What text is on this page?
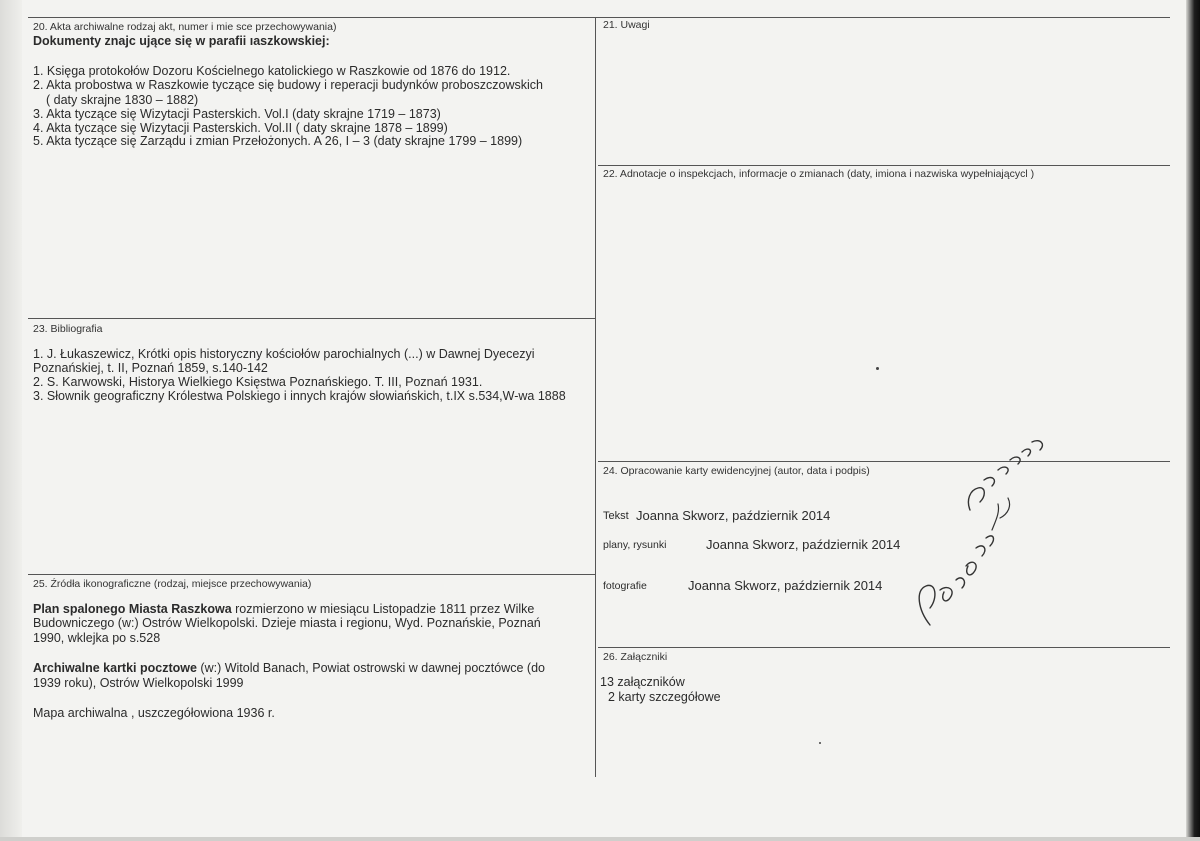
20. Akta archiwalne rodzaj akt, numer i mie sce przechowywania)
Dokumenty znajc ujące się w parafii ıaszkowskiej:
1. Księga protokołów Dozoru Kościelnego katolickiego w Raszkowie od 1876 do 1912.
2. Akta probostwa w Raszkowie tyczące się budowy i reperacji budynków proboszczowskich
( daty skrajne 1830 – 1882)
3. Akta tyczące się Wizytacji Pasterskich. Vol.I (daty skrajne 1719 – 1873)
4. Akta tyczące się Wizytacji Pasterskich. Vol.II ( daty skrajne 1878 – 1899)
5. Akta tyczące się Zarządu i zmian Przełożonych. A 26, I – 3 (daty skrajne 1799 – 1899)
21. Uwagi
22. Adnotacje o inspekcjach, informacje o zmianach (daty, imiona i nazwiska wypełniającycl )
23. Bibliografia
1. J. Łukaszewicz, Krótki opis historyczny kościołów parochialnych (...) w Dawnej Dyecezyi
Poznańskiej, t. II, Poznań 1859, s.140-142
2. S. Karwowski, Historya Wielkiego Księstwa Poznańskiego. T. III, Poznań 1931.
3. Słownik geograficzny Królestwa Polskiego i innych krajów słowiańskich, t.IX s.534,W-wa 1888
24. Opracowanie karty ewidencyjnej (autor, data i podpis)
Tekst Joanna Skworz, październik 2014
plany, rysunki	Joanna Skworz, październik 2014
fotografie	Joanna Skworz, październik 2014
25. Źródła ikonograficzne (rodzaj, miejsce przechowywania)
Plan spalonego Miasta Raszkowa rozmierzono w miesiącu Listopadzie 1811 przez Wilke
Budowniczego (w:) Ostrów Wielkopolski. Dzieje miasta i regionu, Wyd. Poznańskie, Poznań
1990, wklejka po s.528
Archiwalne kartki pocztowe (w:) Witold Banach, Powiat ostrowski w dawnej pocztówce (do
1939 roku), Ostrów Wielkopolski 1999
Mapa archiwalna , uszczegółowiona 1936 r.
26. Załączniki
13 załączników
2 karty szczegółowe
